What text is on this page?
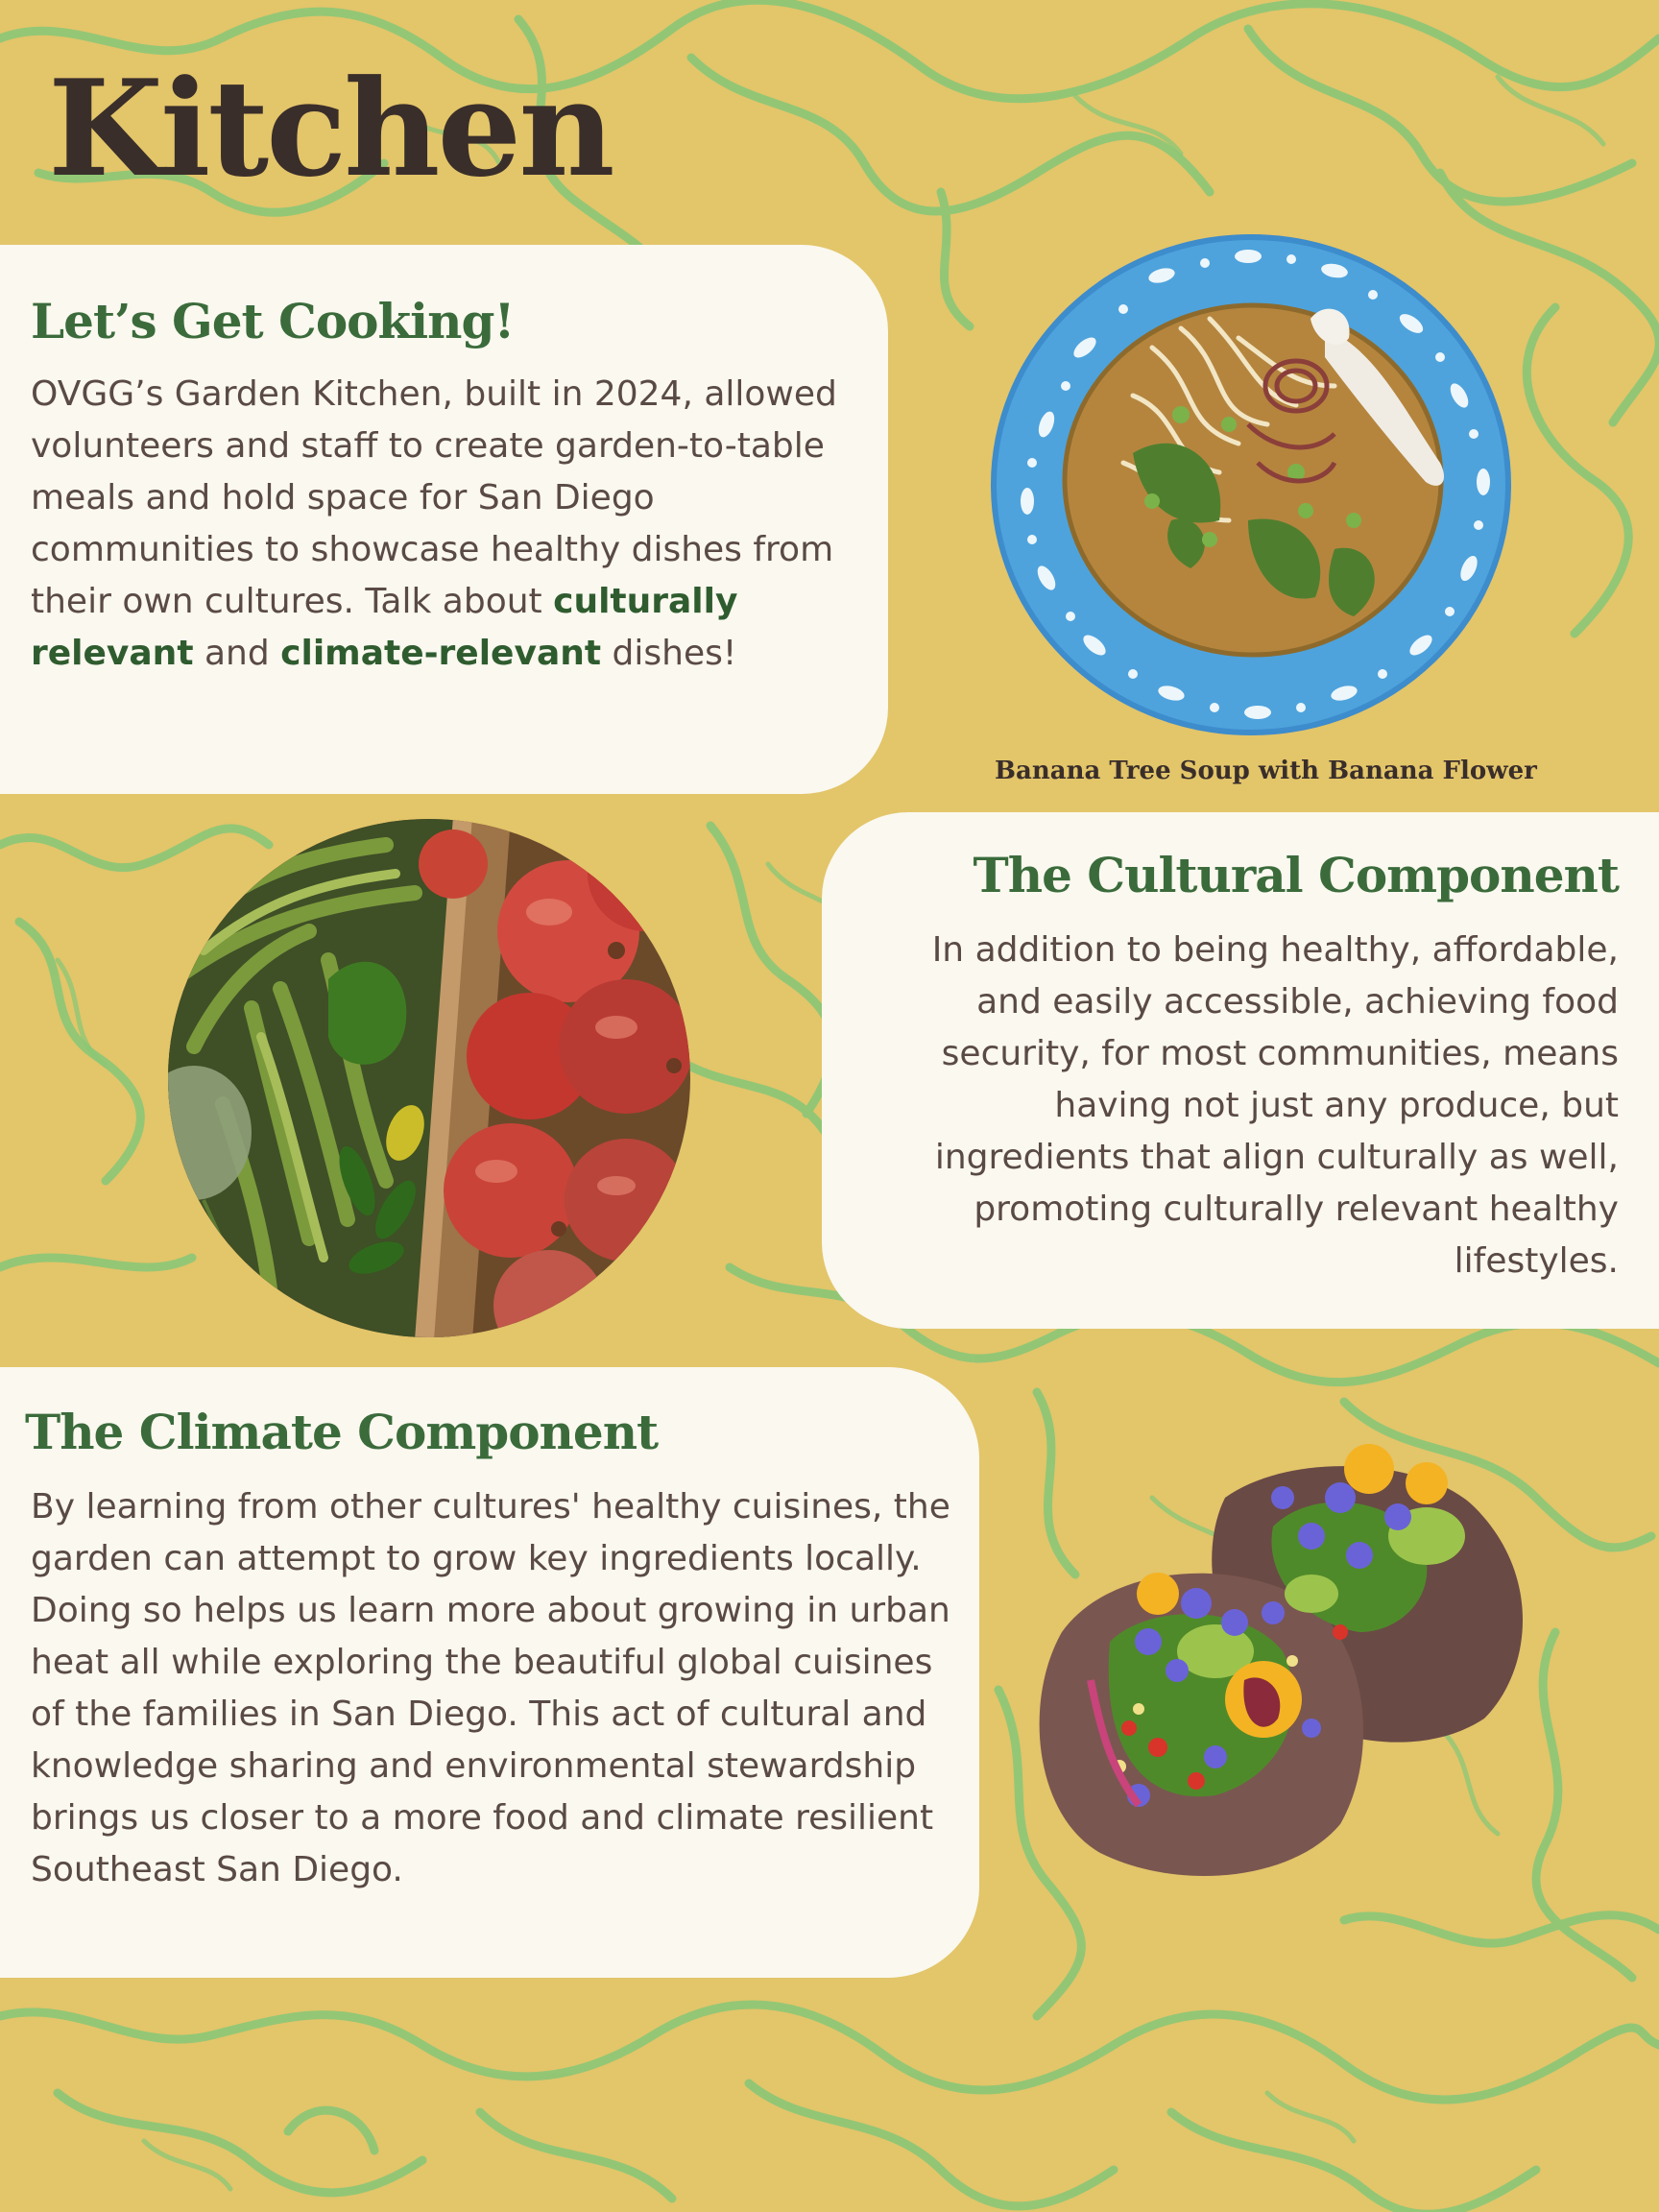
Kitchen
Let’s Get Cooking!

OVGG’s Garden Kitchen, built in 2024, allowed volunteers and staff to create garden-to-table meals and hold space for San Diego communities to showcase healthy dishes from their own cultures. Talk about culturally relevant and climate-relevant dishes!

Banana Tree Soup with Banana Flower

The Cultural Component

In addition to being healthy, affordable, and easily accessible, achieving food security, for most communities, means having not just any produce, but ingredients that align culturally as well, promoting culturally relevant healthy lifestyles.

The Climate Component

By learning from other cultures' healthy cuisines, the garden can attempt to grow key ingredients locally. Doing so helps us learn more about growing in urban heat all while exploring the beautiful global cuisines of the families in San Diego. This act of cultural and knowledge sharing and environmental stewardship brings us closer to a more food and climate resilient Southeast San Diego.
